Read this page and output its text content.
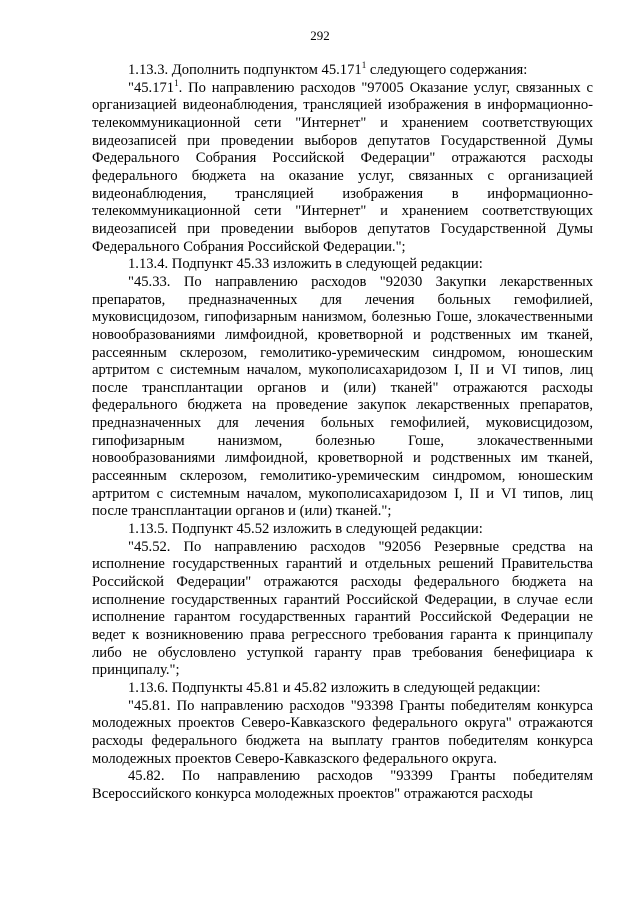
292

1.13.3. Дополнить подпунктом 45.171$^1$ следующего содержания:

"45.171$^1$. По направлению расходов "97005 Оказание услуг, связанных с организацией видеонаблюдения, трансляцией изображения в информационно-телекоммуникационной сети "Интернет" и хранением соответствующих видеозаписей при проведении выборов депутатов Государственной Думы Федерального Собрания Российской Федерации" отражаются расходы федерального бюджета на оказание услуг, связанных с организацией видеонаблюдения, трансляцией изображения в информационно-телекоммуникационной сети "Интернет" и хранением соответствующих видеозаписей при проведении выборов депутатов Государственной Думы Федерального Собрания Российской Федерации.";

1.13.4. Подпункт 45.33 изложить в следующей редакции:

"45.33. По направлению расходов "92030 Закупки лекарственных препаратов, предназначенных для лечения больных гемофилией, муковисцидозом, гипофизарным нанизмом, болезнью Гоше, злокачественными новообразованиями лимфоидной, кроветворной и родственных им тканей, рассеянным склерозом, гемолитико-уремическим синдромом, юношеским артритом с системным началом, мукополисахаридозом I, II и VI типов, лиц после трансплантации органов и (или) тканей" отражаются расходы федерального бюджета на проведение закупок лекарственных препаратов, предназначенных для лечения больных гемофилией, муковисцидозом, гипофизарным нанизмом, болезнью Гоше, злокачественными новообразованиями лимфоидной, кроветворной и родственных им тканей, рассеянным склерозом, гемолитико-уремическим синдромом, юношеским артритом с системным началом, мукополисахаридозом I, II и VI типов, лиц после трансплантации органов и (или) тканей.";

1.13.5. Подпункт 45.52 изложить в следующей редакции:

"45.52. По направлению расходов "92056 Резервные средства на исполнение государственных гарантий и отдельных решений Правительства Российской Федерации" отражаются расходы федерального бюджета на исполнение государственных гарантий Российской Федерации, в случае если исполнение гарантом государственных гарантий Российской Федерации не ведет к возникновению права регрессного требования гаранта к принципалу либо не обусловлено уступкой гаранту прав требования бенефициара к принципалу.";

1.13.6. Подпункты 45.81 и 45.82 изложить в следующей редакции:

"45.81. По направлению расходов "93398 Гранты победителям конкурса молодежных проектов Северо-Кавказского федерального округа" отражаются расходы федерального бюджета на выплату грантов победителям конкурса молодежных проектов Северо-Кавказского федерального округа.

45.82. По направлению расходов "93399 Гранты победителям Всероссийского конкурса молодежных проектов" отражаются расходы
